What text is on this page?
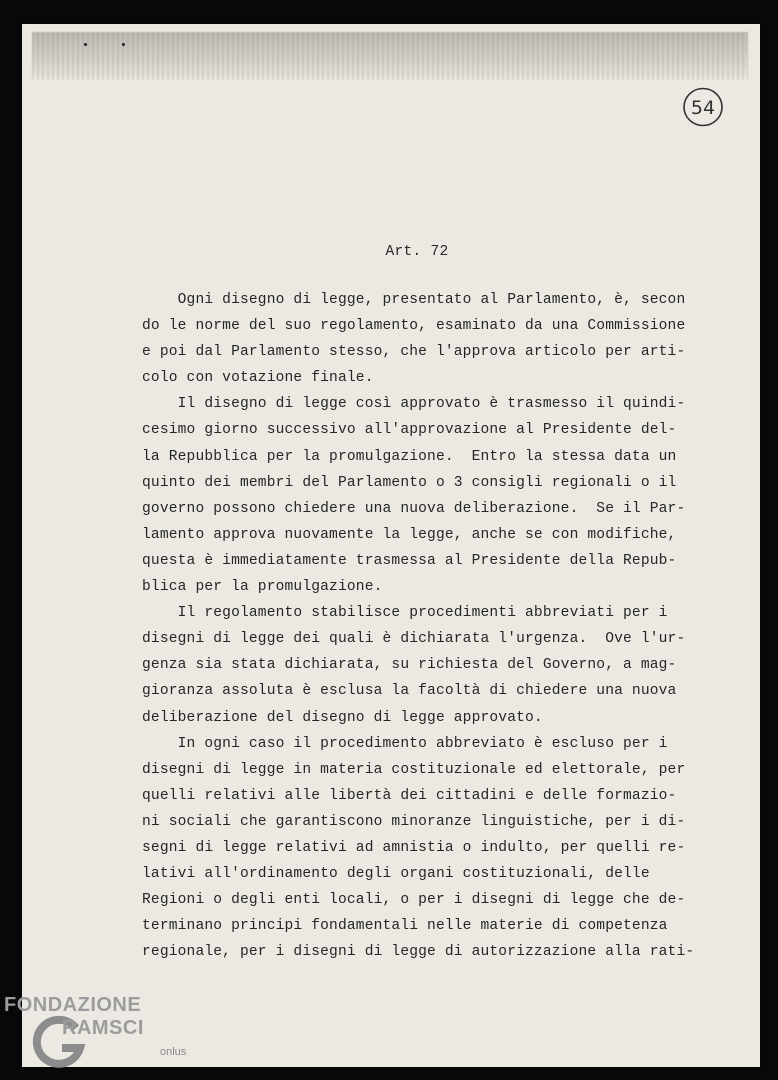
54
Art. 72
Ogni disegno di legge, presentato al Parlamento, è, secon
do le norme del suo regolamento, esaminato da una Commissione
e poi dal Parlamento stesso, che l'approva articolo per arti-
colo con votazione finale.
Il disegno di legge così approvato è trasmesso il quindi-
cesimo giorno successivo all'approvazione al Presidente del-
la Repubblica per la promulgazione.  Entro la stessa data un
quinto dei membri del Parlamento o 3 consigli regionali o il
governo possono chiedere una nuova deliberazione.  Se il Par-
lamento approva nuovamente la legge, anche se con modifiche,
questa è immediatamente trasmessa al Presidente della Repub-
blica per la promulgazione.
Il regolamento stabilisce procedimenti abbreviati per i
disegni di legge dei quali è dichiarata l'urgenza.  Ove l'ur-
genza sia stata dichiarata, su richiesta del Governo, a mag-
gioranza assoluta è esclusa la facoltà di chiedere una nuova
deliberazione del disegno di legge approvato.
In ogni caso il procedimento abbreviato è escluso per i
disegni di legge in materia costituzionale ed elettorale, per
quelli relativi alle libertà dei cittadini e delle formazio-
ni sociali che garantiscono minoranze linguistiche, per i di-
segni di legge relativi ad amnistia o indulto, per quelli re-
lativi all'ordinamento degli organi costituzionali, delle
Regioni o degli enti locali, o per i disegni di legge che de-
terminano principi fondamentali nelle materie di competenza
regionale, per i disegni di legge di autorizzazione alla rati-
FONDAZIONE
RAMSCI
onlus
